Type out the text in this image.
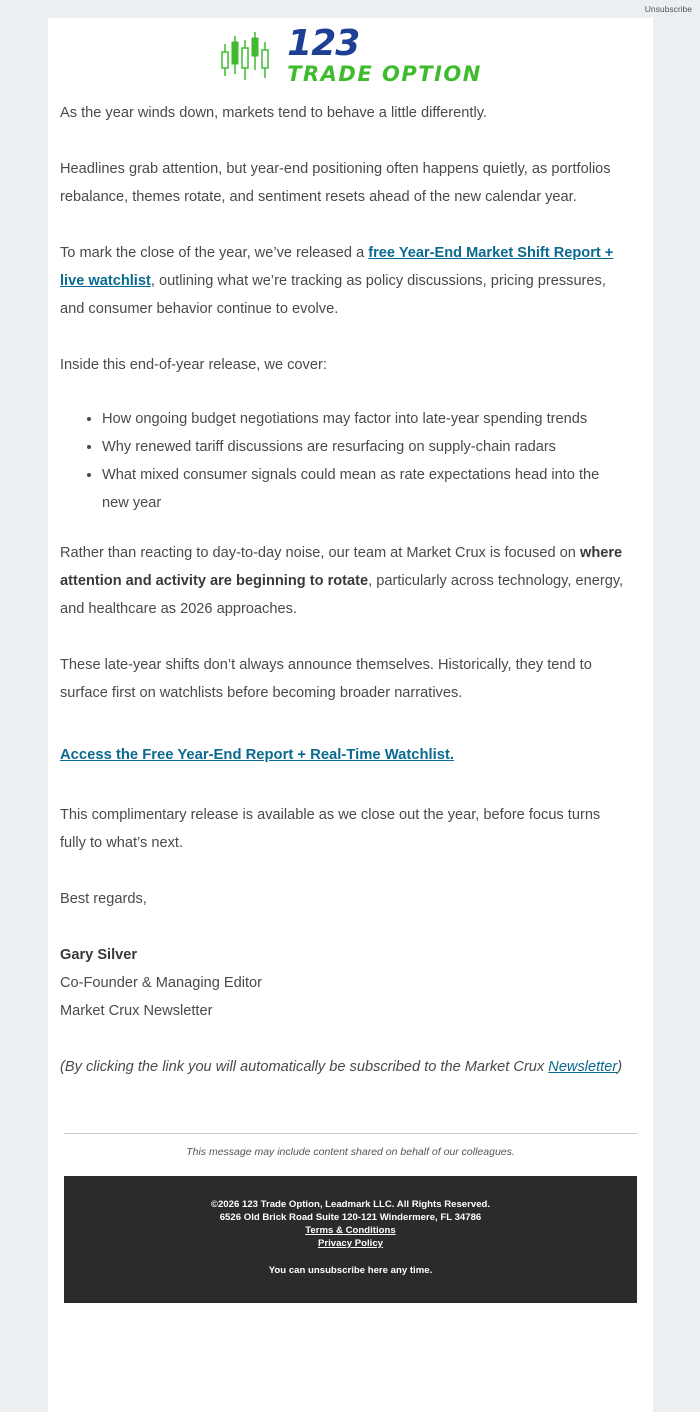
Unsubscribe
123
TRADE OPTION

As the year winds down, markets tend to behave a little differently.

Headlines grab attention, but year-end positioning often happens quietly, as portfolios rebalance, themes rotate, and sentiment resets ahead of the new calendar year.

To mark the close of the year, we’ve released a free Year-End Market Shift Report + live watchlist, outlining what we’re tracking as policy discussions, pricing pressures, and consumer behavior continue to evolve.

Inside this end-of-year release, we cover:

• How ongoing budget negotiations may factor into late-year spending trends
• Why renewed tariff discussions are resurfacing on supply-chain radars
• What mixed consumer signals could mean as rate expectations head into the new year

Rather than reacting to day-to-day noise, our team at Market Crux is focused on where attention and activity are beginning to rotate, particularly across technology, energy, and healthcare as 2026 approaches.

These late-year shifts don’t always announce themselves. Historically, they tend to surface first on watchlists before becoming broader narratives.

Access the Free Year-End Report + Real-Time Watchlist.

This complimentary release is available as we close out the year, before focus turns fully to what’s next.

Best regards,

Gary Silver

Co-Founder & Managing Editor

Market Crux Newsletter

(By clicking the link you will automatically be subscribed to the Market Crux Newsletter)

This message may include content shared on behalf of our colleagues.
©2026 123 Trade Option, Leadmark LLC. All Rights Reserved.
6526 Old Brick Road Suite 120-121 Windermere, FL 34786
Terms & Conditions
Privacy Policy
You can unsubscribe here any time.
